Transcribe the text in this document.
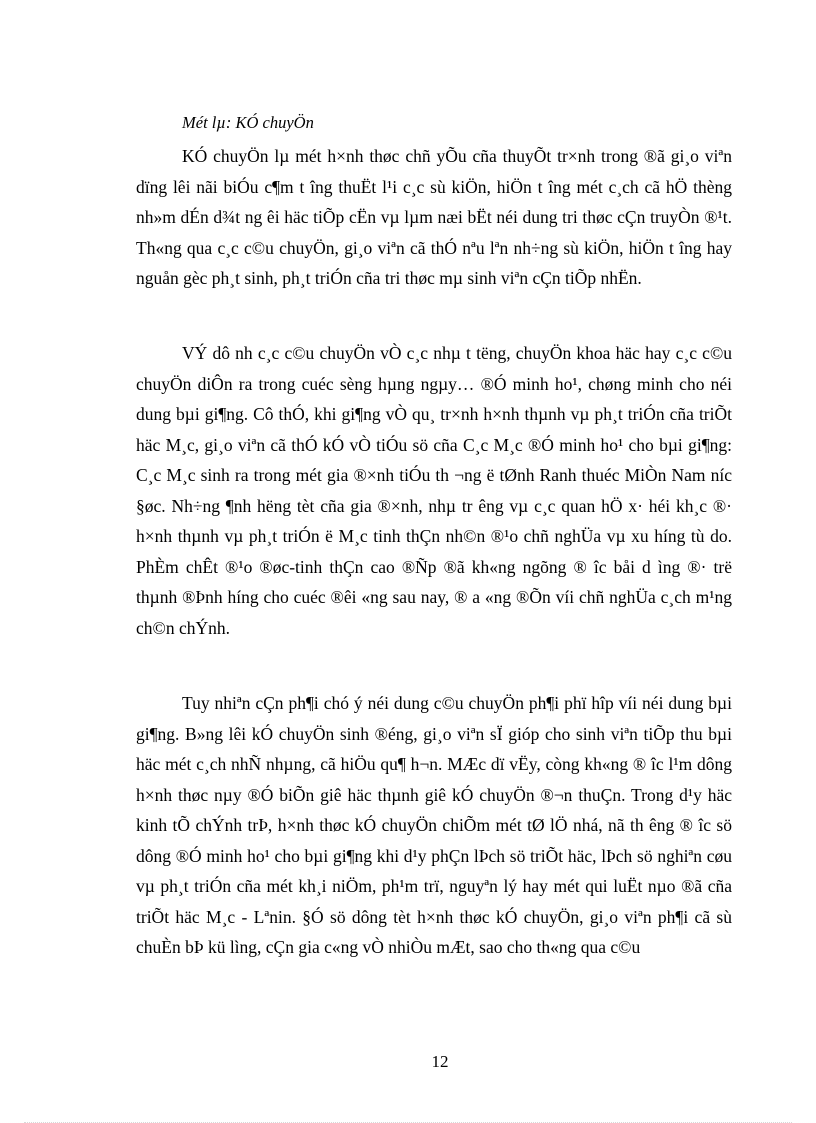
Mét lµ: KÓ chuyÖn

KÓ chuyÖn lµ mét h×nh thøc chñ yÕu cña thuyÕt tr×nh trong ®ã gi¸o viªn dïng lêi nãi biÓu c¶m t îng thuËt l¹i c¸c sù kiÖn, hiÖn t îng mét c¸ch cã hÖ thèng nh»m dÉn d¾t ng êi häc tiÕp cËn vµ lµm næi bËt néi dung tri thøc cÇn truyÒn ®¹t. Th«ng qua c¸c c©u chuyÖn, gi¸o viªn cã thÓ nªu lªn nh÷ng sù kiÖn, hiÖn t îng hay nguån gèc ph¸t sinh, ph¸t triÓn cña tri thøc mµ sinh viªn cÇn tiÕp nhËn.

VÝ dô nh c¸c c©u chuyÖn vÒ c¸c nhµ t tëng, chuyÖn khoa häc hay c¸c c©u chuyÖn diÔn ra trong cuéc sèng hµng ngµy… ®Ó minh ho¹, chøng minh cho néi dung bµi gi¶ng. Cô thÓ, khi gi¶ng vÒ qu¸ tr×nh h×nh thµnh vµ ph¸t triÓn cña triÕt häc M¸c, gi¸o viªn cã thÓ kÓ vÒ tiÓu sö cña C¸c M¸c ®Ó minh ho¹ cho bµi gi¶ng: C¸c M¸c sinh ra trong mét gia ®×nh tiÓu th ¬ng ë tØnh Ranh thuéc MiÒn Nam níc §øc. Nh÷ng ¶nh hëng tèt cña gia ®×nh, nhµ tr êng vµ c¸c quan hÖ x· héi kh¸c ®· h×nh thµnh vµ ph¸t triÓn ë M¸c tinh thÇn nh©n ®¹o chñ nghÜa vµ xu híng tù do. PhÈm chÊt ®¹o ®øc-tinh thÇn cao ®Ñp ®ã kh«ng ngõng ® îc båi d ìng ®· trë thµnh ®Þnh híng cho cuéc ®êi «ng sau nay, ® a «ng ®Õn víi chñ nghÜa c¸ch m¹ng ch©n chÝnh.

Tuy nhiªn cÇn ph¶i chó ý néi dung c©u chuyÖn ph¶i phï hîp víi néi dung bµi gi¶ng. B»ng lêi kÓ chuyÖn sinh ®éng, gi¸o viªn sÏ gióp cho sinh viªn tiÕp thu bµi häc mét c¸ch nhÑ nhµng, cã hiÖu qu¶ h¬n. MÆc dï vËy, còng kh«ng ® îc l¹m dông h×nh thøc nµy ®Ó biÕn giê häc thµnh giê kÓ chuyÖn ®¬n thuÇn. Trong d¹y häc kinh tÕ chÝnh trÞ, h×nh thøc kÓ chuyÖn chiÕm mét tØ lÖ nhá, nã th êng ® îc sö dông ®Ó minh ho¹ cho bµi gi¶ng khi d¹y phÇn lÞch sö triÕt häc, lÞch sö nghiªn cøu vµ ph¸t triÓn cña mét kh¸i niÖm, ph¹m trï, nguyªn lý hay mét qui luËt nµo ®ã cña triÕt häc M¸c - Lªnin. §Ó sö dông tèt h×nh thøc kÓ chuyÖn, gi¸o viªn ph¶i cã sù chuÈn bÞ kü lìng, cÇn gia c«ng vÒ nhiÒu mÆt, sao cho th«ng qua c©u

12
